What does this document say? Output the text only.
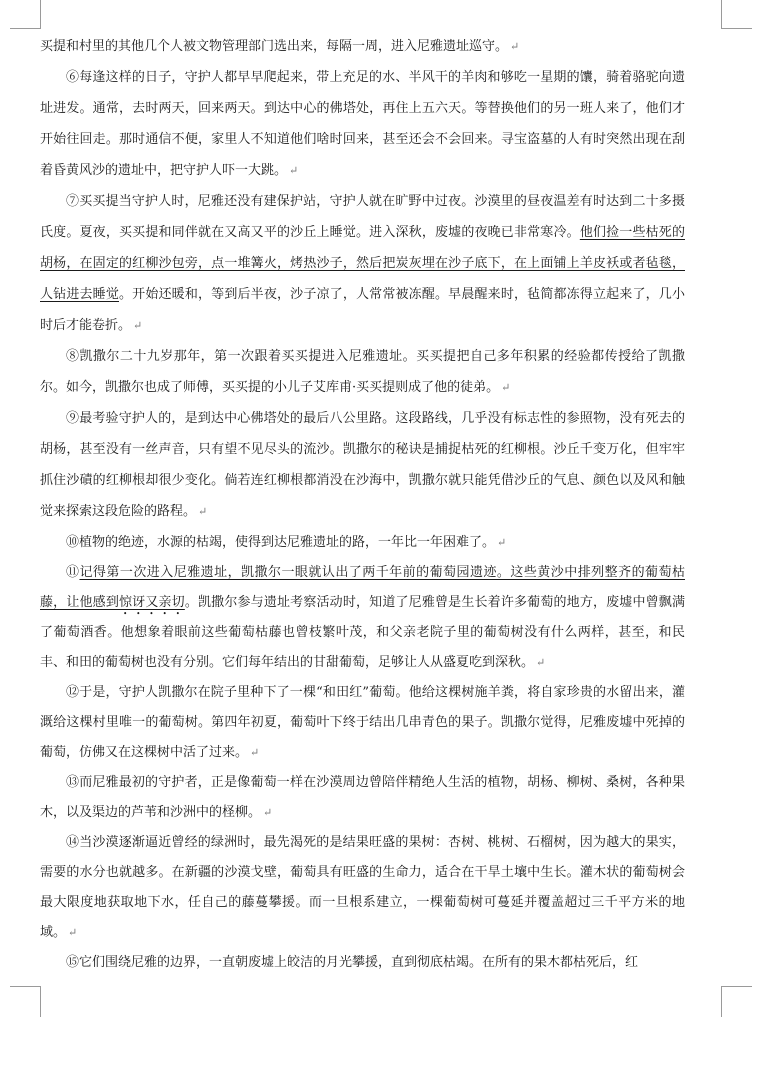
买提和村里的其他几个人被文物管理部门选出来，每隔一周，进入尼雅遗址巡守。 ↵

⑥每逢这样的日子，守护人都早早爬起来，带上充足的水、半风干的羊肉和够吃一星期的馕，骑着骆驼向遗址进发。通常，去时两天，回来两天。到达中心的佛塔处，再住上五六天。等替换他们的另一班人来了，他们才开始往回走。那时通信不便，家里人不知道他们啥时回来，甚至还会不会回来。寻宝盗墓的人有时突然出现在刮着昏黄风沙的遗址中，把守护人吓一大跳。 ↵

⑦买买提当守护人时，尼雅还没有建保护站，守护人就在旷野中过夜。沙漠里的昼夜温差有时达到二十多摄氏度。夏夜，买买提和同伴就在又高又平的沙丘上睡觉。进入深秋，废墟的夜晚已非常寒冷。他们捡一些枯死的胡杨，在固定的红柳沙包旁，点一堆篝火，烤热沙子，然后把炭灰埋在沙子底下，在上面铺上羊皮袄或者毡毯，人钻进去睡觉。开始还暖和，等到后半夜，沙子凉了，人常常被冻醒。早晨醒来时，毡简都冻得立起来了，几小时后才能卷折。 ↵

⑧凯撒尔二十九岁那年，第一次跟着买买提进入尼雅遗址。买买提把自己多年积累的经验都传授给了凯撒尔。如今，凯撒尔也成了师傅，买买提的小儿子艾库甫·买买提则成了他的徒弟。 ↵

⑨最考验守护人的，是到达中心佛塔处的最后八公里路。这段路线，几乎没有标志性的参照物，没有死去的胡杨，甚至没有一丝声音，只有望不见尽头的流沙。凯撒尔的秘诀是捕捉枯死的红柳根。沙丘千变万化，但牢牢抓住沙磧的红柳根却很少变化。倘若连红柳根都消没在沙海中，凯撒尔就只能凭借沙丘的气息、颜色以及风和触觉来探索这段危险的路程。 ↵

⑩植物的绝迹，水源的枯竭，使得到达尼雅遗址的路，一年比一年困难了。 ↵

⑪记得第一次进入尼雅遗址，凯撒尔一眼就认出了两千年前的葡萄园遗迹。这些黄沙中排列整齐的葡萄枯藤，让他感到惊讶又亲切。凯撒尔参与遗址考察活动时，知道了尼雅曾是生长着许多葡萄的地方，废墟中曾飘满了葡萄酒香。他想象着眼前这些葡萄枯藤也曾枝繁叶茂，和父亲老院子里的葡萄树没有什么两样，甚至，和民丰、和田的葡萄树也没有分别。它们每年结出的甘甜葡萄，足够让人从盛夏吃到深秋。 ↵

⑫于是，守护人凯撒尔在院子里种下了一棵“和田红”葡萄。他给这棵树施羊粪，将自家珍贵的水留出来，灌溉给这棵村里唯一的葡萄树。第四年初夏，葡萄叶下终于结出几串青色的果子。凯撒尔觉得，尼雅废墟中死掉的葡萄，仿佛又在这棵树中活了过来。 ↵

⑬而尼雅最初的守护者，正是像葡萄一样在沙漠周边曾陪伴精绝人生活的植物，胡杨、柳树、桑树，各种果木，以及渠边的芦苇和沙洲中的柽柳。 ↵

⑭当沙漠逐渐逼近曾经的绿洲时，最先渴死的是结果旺盛的果树：杏树、桃树、石榴树，因为越大的果实，需要的水分也就越多。在新疆的沙漠戈壁，葡萄具有旺盛的生命力，适合在干旱土壤中生长。灌木状的葡萄树会最大限度地获取地下水，任自己的藤蔓攀援。而一旦根系建立，一棵葡萄树可蔓延并覆盖超过三千平方米的地域。 ↵

⑮它们围绕尼雅的边界，一直朝废墟上皎洁的月光攀援，直到彻底枯竭。在所有的果木都枯死后，红
